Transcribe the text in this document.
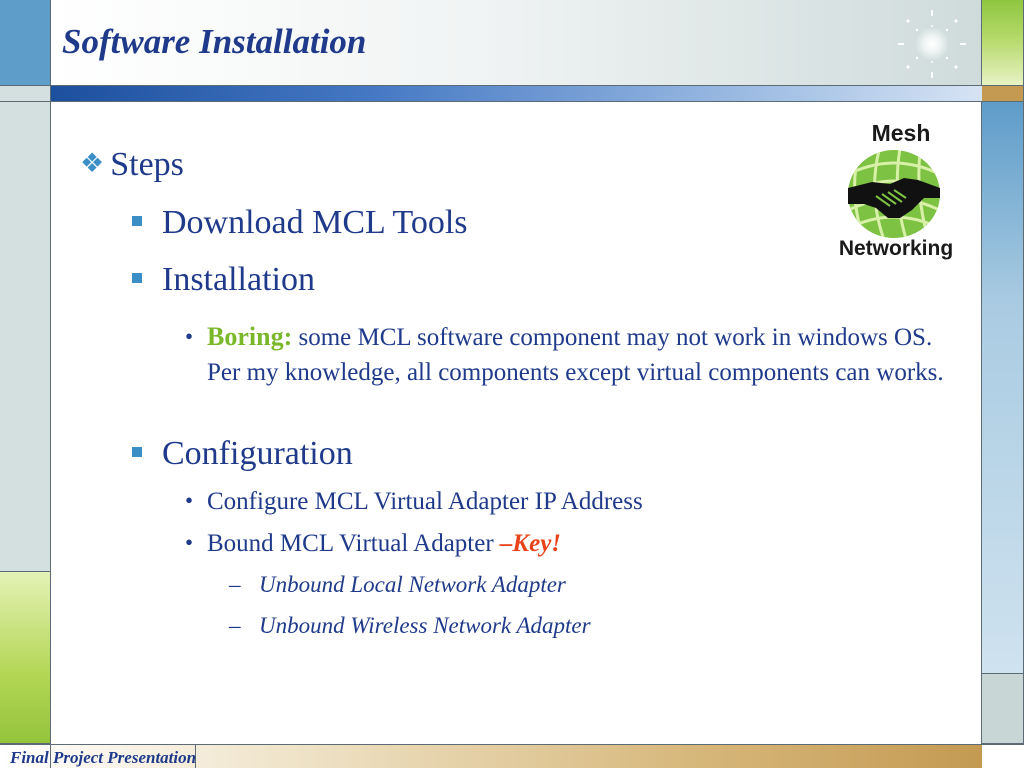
Software Installation
Mesh
Networking
❖ Steps
Download MCL Tools
Installation
• Boring: some MCL software component may not work in windows OS. Per my knowledge, all components except virtual components can works.
Configuration
• Configure MCL Virtual Adapter IP Address
• Bound MCL Virtual Adapter –Key!
– Unbound Local Network Adapter
– Unbound Wireless Network Adapter
Final Project Presentation
